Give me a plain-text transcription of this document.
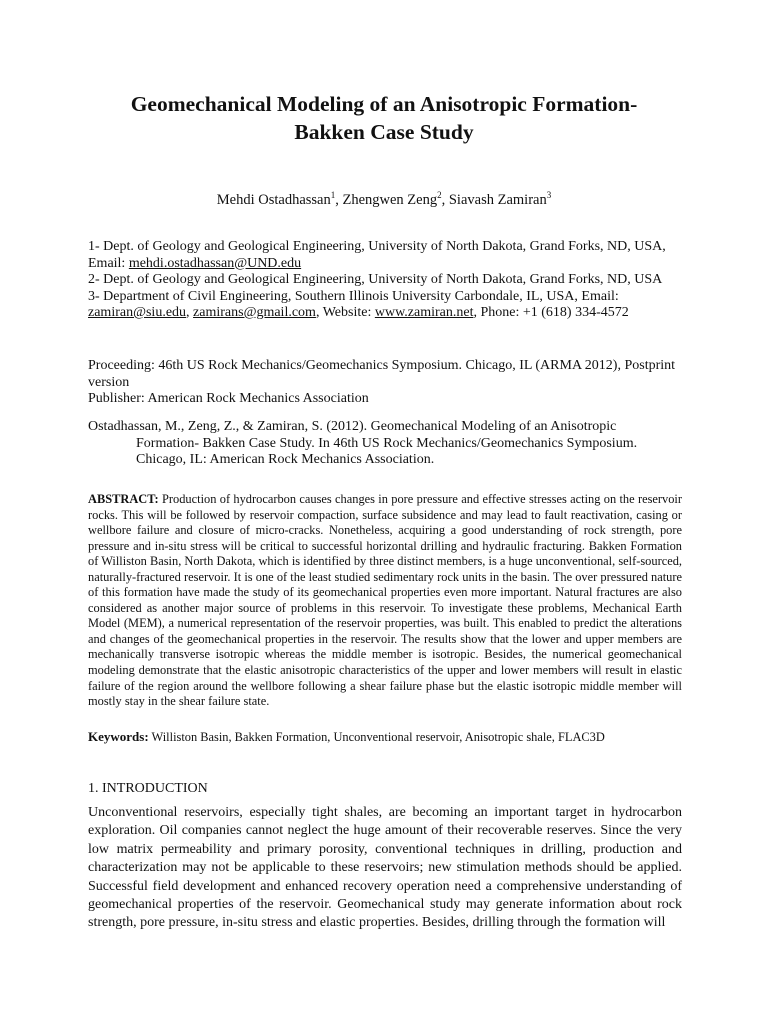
Geomechanical Modeling of an Anisotropic Formation-
Bakken Case Study
Mehdi Ostadhassan$^1$, Zhengwen Zeng$^2$, Siavash Zamiran$^3$

1- Dept. of Geology and Geological Engineering, University of North Dakota, Grand Forks, ND, USA,

Email: mehdi.ostadhassan@UND.edu

2- Dept. of Geology and Geological Engineering, University of North Dakota, Grand Forks, ND, USA

3- Department of Civil Engineering, Southern Illinois University Carbondale, IL, USA, Email:

zamiran@siu.edu, zamirans@gmail.com, Website: www.zamiran.net, Phone: +1 (618) 334-4572

Proceeding: 46th US Rock Mechanics/Geomechanics Symposium. Chicago, IL (ARMA 2012), Postprint version

Publisher: American Rock Mechanics Association

Ostadhassan, M., Zeng, Z., & Zamiran, S. (2012). Geomechanical Modeling of an Anisotropic

Formation- Bakken Case Study. In 46th US Rock Mechanics/Geomechanics Symposium.

Chicago, IL: American Rock Mechanics Association.

ABSTRACT: Production of hydrocarbon causes changes in pore pressure and effective stresses acting on the reservoir rocks. This will be followed by reservoir compaction, surface subsidence and may lead to fault reactivation, casing or wellbore failure and closure of micro-cracks. Nonetheless, acquiring a good understanding of rock strength, pore pressure and in-situ stress will be critical to successful horizontal drilling and hydraulic fracturing. Bakken Formation of Williston Basin, North Dakota, which is identified by three distinct members, is a huge unconventional, self-sourced, naturally-fractured reservoir. It is one of the least studied sedimentary rock units in the basin. The over pressured nature of this formation have made the study of its geomechanical properties even more important. Natural fractures are also considered as another major source of problems in this reservoir. To investigate these problems, Mechanical Earth Model (MEM), a numerical representation of the reservoir properties, was built. This enabled to predict the alterations and changes of the geomechanical properties in the reservoir. The results show that the lower and upper members are mechanically transverse isotropic whereas the middle member is isotropic. Besides, the numerical geomechanical modeling demonstrate that the elastic anisotropic characteristics of the upper and lower members will result in elastic failure of the region around the wellbore following a shear failure phase but the elastic isotropic middle member will mostly stay in the shear failure state.
Keywords: Williston Basin, Bakken Formation, Unconventional reservoir, Anisotropic shale, FLAC3D
1. INTRODUCTION
Unconventional reservoirs, especially tight shales, are becoming an important target in hydrocarbon exploration. Oil companies cannot neglect the huge amount of their recoverable reserves. Since the very low matrix permeability and primary porosity, conventional techniques in drilling, production and characterization may not be applicable to these reservoirs; new stimulation methods should be applied. Successful field development and enhanced recovery operation need a comprehensive understanding of geomechanical properties of the reservoir. Geomechanical study may generate information about rock strength, pore pressure, in-situ stress and elastic properties. Besides, drilling through the formation will
